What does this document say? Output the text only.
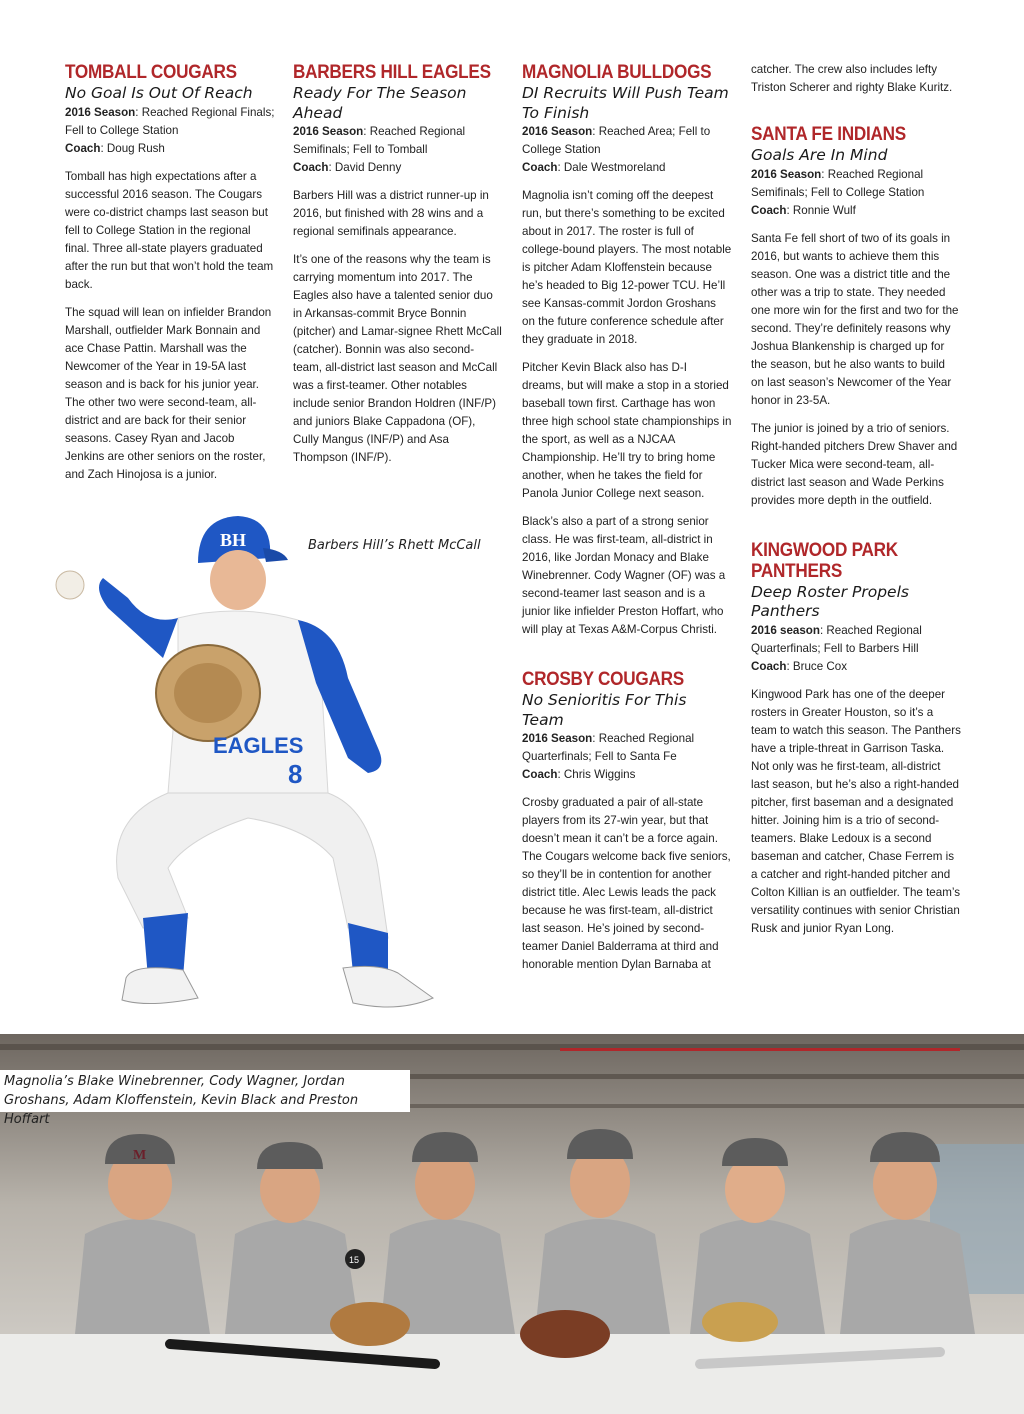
TOMBALL COUGARS

No Goal Is Out Of Reach

2016 Season: Reached Regional Finals; Fell to College Station

Coach: Doug Rush

Tomball has high expectations after a successful 2016 season. The Cougars were co-district champs last season but fell to College Station in the regional final. Three all-state players graduated after the run but that won’t hold the team back.

The squad will lean on infielder Brandon Marshall, outfielder Mark Bonnain and ace Chase Pattin. Marshall was the Newcomer of the Year in 19-5A last season and is back for his junior year. The other two were second-team, all-district and are back for their senior seasons. Casey Ryan and Jacob Jenkins are other seniors on the roster, and Zach Hinojosa is a junior.

BARBERS HILL EAGLES

Ready For The Season Ahead

2016 Season: Reached Regional Semifinals; Fell to Tomball

Coach: David Denny

Barbers Hill was a district runner-up in 2016, but finished with 28 wins and a regional semifinals appearance.

It’s one of the reasons why the team is carrying momentum into 2017. The Eagles also have a talented senior duo in Arkansas-commit Bryce Bonnin (pitcher) and Lamar-signee Rhett McCall (catcher). Bonnin was also second-team, all-district last season and McCall was a first-teamer. Other notables include senior Brandon Holdren (INF/P) and juniors Blake Cappadona (OF), Cully Mangus (INF/P) and Asa Thompson (INF/P).

MAGNOLIA BULLDOGS

DI Recruits Will Push Team To Finish

2016 Season: Reached Area; Fell to College Station

Coach: Dale Westmoreland

Magnolia isn’t coming off the deepest run, but there’s something to be excited about in 2017. The roster is full of college-bound players. The most notable is pitcher Adam Kloffenstein because he’s headed to Big 12-power TCU. He’ll see Kansas-commit Jordon Groshans on the future conference schedule after they graduate in 2018.

Pitcher Kevin Black also has D-I dreams, but will make a stop in a storied baseball town first. Carthage has won three high school state championships in the sport, as well as a NJCAA Championship. He’ll try to bring home another, when he takes the field for Panola Junior College next season.

Black’s also a part of a strong senior class. He was first-team, all-district in 2016, like Jordan Monacy and Blake Winebrenner. Cody Wagner (OF) was a second-teamer last season and is a junior like infielder Preston Hoffart, who will play at Texas A&M-Corpus Christi.

CROSBY COUGARS

No Senioritis For This Team

2016 Season: Reached Regional Quarterfinals; Fell to Santa Fe

Coach: Chris Wiggins

Crosby graduated a pair of all-state players from its 27-win year, but that doesn’t mean it can’t be a force again. The Cougars welcome back five seniors, so they’ll be in contention for another district title. Alec Lewis leads the pack because he was first-team, all-district last season. He’s joined by second-teamer Daniel Balderrama at third and honorable mention Dylan Barnaba at

catcher. The crew also includes lefty Triston Scherer and righty Blake Kuritz.

SANTA FE INDIANS

Goals Are In Mind

2016 Season: Reached Regional Semifinals; Fell to College Station

Coach: Ronnie Wulf

Santa Fe fell short of two of its goals in 2016, but wants to achieve them this season. One was a district title and the other was a trip to state. They needed one more win for the first and two for the second. They’re definitely reasons why Joshua Blankenship is charged up for the season, but he also wants to build on last season’s Newcomer of the Year honor in 23-5A.

The junior is joined by a trio of seniors. Right-handed pitchers Drew Shaver and Tucker Mica were second-team, all-district last season and Wade Perkins provides more depth in the outfield.

KINGWOOD PARK PANTHERS

Deep Roster Propels Panthers

2016 season: Reached Regional Quarterfinals; Fell to Barbers Hill

Coach: Bruce Cox

Kingwood Park has one of the deeper rosters in Greater Houston, so it’s a team to watch this season. The Panthers have a triple-threat in Garrison Taska. Not only was he first-team, all-district last season, but he’s also a right-handed pitcher, first baseman and a designated hitter. Joining him is a trio of second-teamers. Blake Ledoux is a second baseman and catcher, Chase Ferrem is a catcher and right-handed pitcher and Colton Killian is an outfielder. The team’s versatility continues with senior Christian Rusk and junior Ryan Long.

Barbers Hill’s Rhett McCall
BH
EAGLES
8
M
15
Magnolia’s Blake Winebrenner, Cody Wagner, Jordan Groshans, Adam Kloffenstein, Kevin Black and Preston Hoffart
